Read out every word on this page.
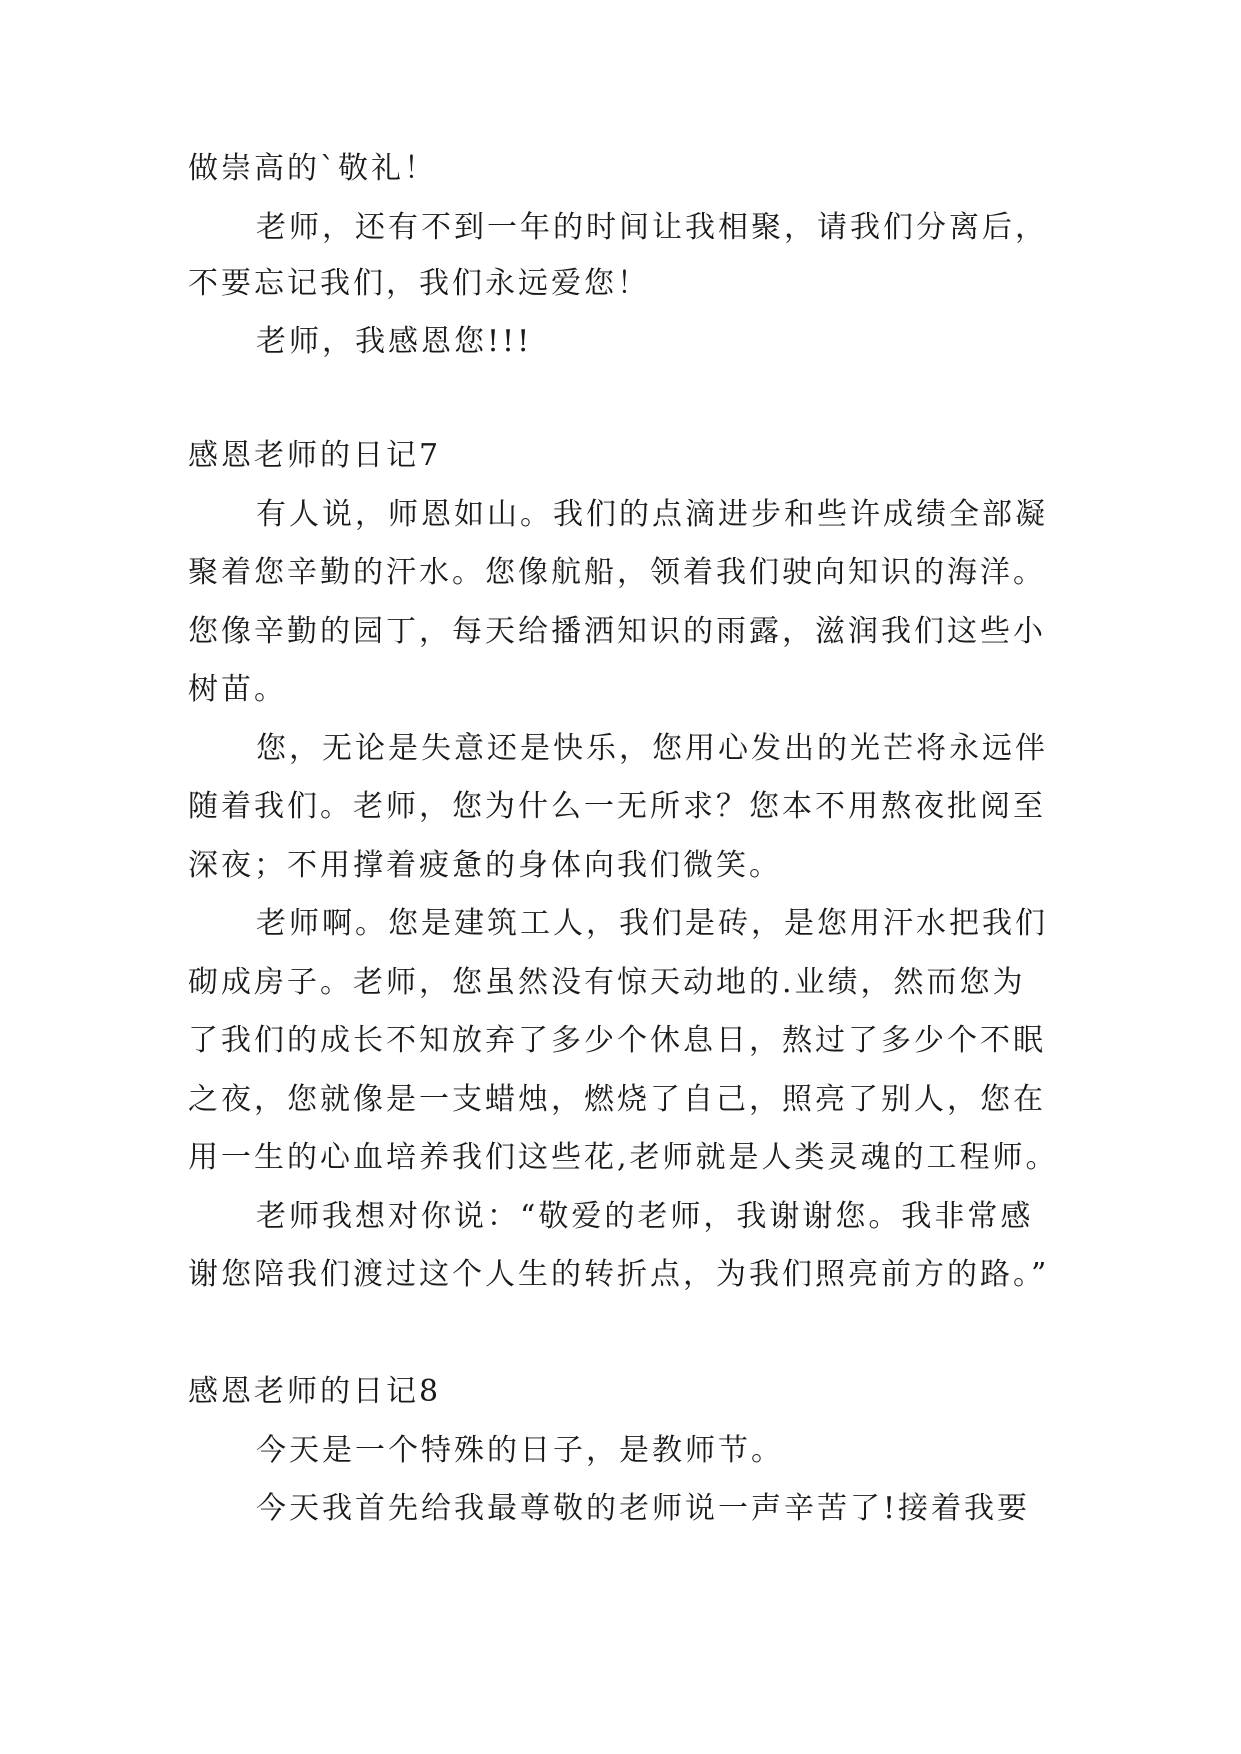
做崇高的`敬礼！
老师，还有不到一年的时间让我相聚，请我们分离后，
不要忘记我们，我们永远爱您！
老师，我感恩您!!!
感恩老师的日记7
有人说，师恩如山。我们的点滴进步和些许成绩全部凝
聚着您辛勤的汗水。您像航船，领着我们驶向知识的海洋。
您像辛勤的园丁，每天给播洒知识的雨露，滋润我们这些小
树苗。
您，无论是失意还是快乐，您用心发出的光芒将永远伴
随着我们。老师，您为什么一无所求？您本不用熬夜批阅至
深夜；不用撑着疲惫的身体向我们微笑。
老师啊。您是建筑工人，我们是砖，是您用汗水把我们
砌成房子。老师，您虽然没有惊天动地的.业绩，然而您为
了我们的成长不知放弃了多少个休息日，熬过了多少个不眠
之夜，您就像是一支蜡烛，燃烧了自己，照亮了别人，您在
用一生的心血培养我们这些花,老师就是人类灵魂的工程师。
老师我想对你说：“敬爱的老师，我谢谢您。我非常感
谢您陪我们渡过这个人生的转折点，为我们照亮前方的路。”
感恩老师的日记8
今天是一个特殊的日子，是教师节。
今天我首先给我最尊敬的老师说一声辛苦了!接着我要
